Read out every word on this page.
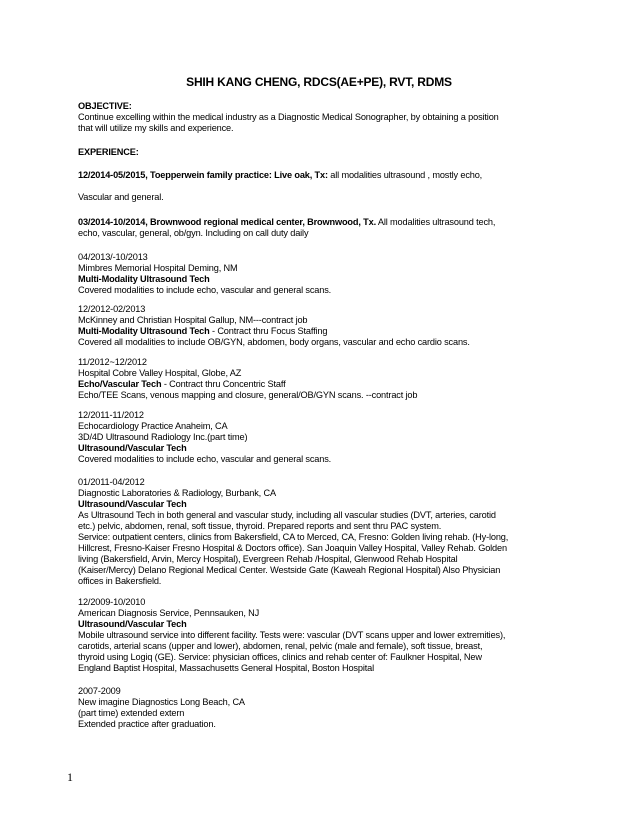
SHIH KANG CHENG, RDCS(AE+PE), RVT, RDMS
OBJECTIVE:
Continue excelling within the medical industry as a Diagnostic Medical Sonographer, by obtaining a position
that will utilize my skills and experience.
EXPERIENCE:
12/2014-05/2015, Toepperwein family practice: Live oak, Tx: all modalities ultrasound , mostly echo,
Vascular and general.
03/2014-10/2014, Brownwood regional medical center, Brownwood, Tx. All modalities ultrasound tech,
echo, vascular, general, ob/gyn. Including on call duty daily
04/2013/-10/2013
Mimbres Memorial Hospital Deming, NM
Multi-Modality Ultrasound Tech
Covered modalities to include echo, vascular and general scans.
12/2012-02/2013
McKinney and Christian Hospital Gallup, NM---contract job
Multi-Modality Ultrasound Tech - Contract thru Focus Staffing
Covered all modalities to include OB/GYN, abdomen, body organs, vascular and echo cardio scans.
11/2012~12/2012
Hospital Cobre Valley Hospital, Globe, AZ
Echo/Vascular Tech - Contract thru Concentric Staff
Echo/TEE Scans, venous mapping and closure, general/OB/GYN scans. --contract job
12/2011-11/2012
Echocardiology Practice Anaheim, CA
3D/4D Ultrasound Radiology Inc.(part time)
Ultrasound/Vascular Tech
Covered modalities to include echo, vascular and general scans.
01/2011-04/2012
Diagnostic Laboratories & Radiology, Burbank, CA
Ultrasound/Vascular Tech
As Ultrasound Tech in both general and vascular study, including all vascular studies (DVT, arteries, carotid
etc.) pelvic, abdomen, renal, soft tissue, thyroid. Prepared reports and sent thru PAC system.
Service: outpatient centers, clinics from Bakersfield, CA to Merced, CA, Fresno: Golden living rehab. (Hy-long,
Hillcrest, Fresno-Kaiser Fresno Hospital & Doctors office). San Joaquin Valley Hospital, Valley Rehab. Golden
living (Bakersfield, Arvin, Mercy Hospital), Evergreen Rehab /Hospital, Glenwood Rehab Hospital
(Kaiser/Mercy) Delano Regional Medical Center. Westside Gate (Kaweah Regional Hospital) Also Physician
offices in Bakersfield.
12/2009-10/2010
American Diagnosis Service, Pennsauken, NJ
Ultrasound/Vascular Tech
Mobile ultrasound service into different facility. Tests were: vascular (DVT scans upper and lower extremities),
carotids, arterial scans (upper and lower), abdomen, renal, pelvic (male and female), soft tissue, breast,
thyroid using Logiq (GE). Service: physician offices, clinics and rehab center of: Faulkner Hospital, New
England Baptist Hospital, Massachusetts General Hospital, Boston Hospital
2007-2009
New imagine Diagnostics Long Beach, CA
(part time) extended extern
Extended practice after graduation.
1
